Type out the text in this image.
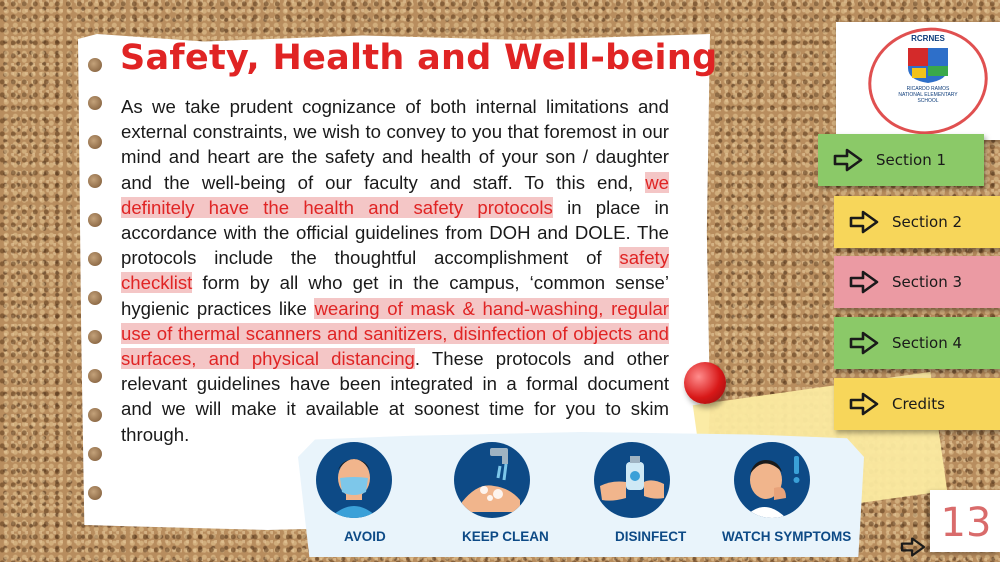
Safety, Health and Well-being
As we take prudent cognizance of both internal limitations and external constraints, we wish to convey to you that foremost in our mind and heart are the safety and health of your son / daughter and the well-being of our faculty and staff. To this end, we definitely have the health and safety protocols in place in accordance with the official guidelines from DOH and DOLE. The protocols include the thoughtful accomplishment of safety checklist form by all who get in the campus, ‘common sense’ hygienic practices like wearing of mask & hand-washing, regular use of thermal scanners and sanitizers, disinfection of objects and surfaces, and physical distancing. These protocols and other relevant guidelines have been integrated in a formal document and we will make it available at soonest time for you to skim through.
AVOID	KEEP CLEAN	DISINFECT	WATCH SYMPTOMS
RCRNES
RICARDO RAMOS NATIONAL ELEMENTARY SCHOOL
Section 1
Section 2
Section 3
Section 4
Credits
13
